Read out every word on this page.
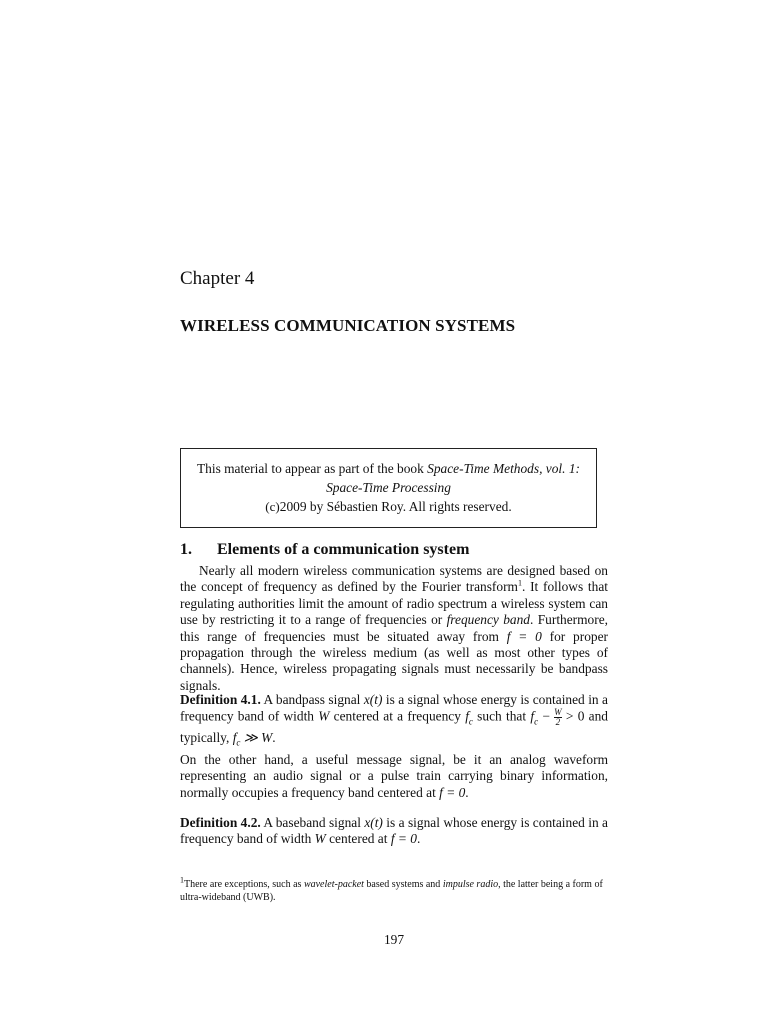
Chapter 4
WIRELESS COMMUNICATION SYSTEMS
This material to appear as part of the book Space-Time Methods, vol. 1:
Space-Time Processing
(c)2009 by Sébastien Roy. All rights reserved.
1. Elements of a communication system
Nearly all modern wireless communication systems are designed based on the concept of frequency as defined by the Fourier transform$^1$. It follows that regulating authorities limit the amount of radio spectrum a wireless system can use by restricting it to a range of frequencies or frequency band. Furthermore, this range of frequencies must be situated away from f = 0 for proper propagation through the wireless medium (as well as most other types of channels). Hence, wireless propagating signals must necessarily be bandpass signals.
Definition 4.1. A bandpass signal x(t) is a signal whose energy is contained in a frequency band of width W centered at a frequency $f_c$ such that $f_c - \frac{W}{2} > 0$ and typically, $f_c$ ≫ W.
On the other hand, a useful message signal, be it an analog waveform representing an audio signal or a pulse train carrying binary information, normally occupies a frequency band centered at f = 0.
Definition 4.2. A baseband signal x(t) is a signal whose energy is contained in a frequency band of width W centered at f = 0.
$^1$There are exceptions, such as wavelet-packet based systems and impulse radio, the latter being a form of ultra-wideband (UWB).
197
